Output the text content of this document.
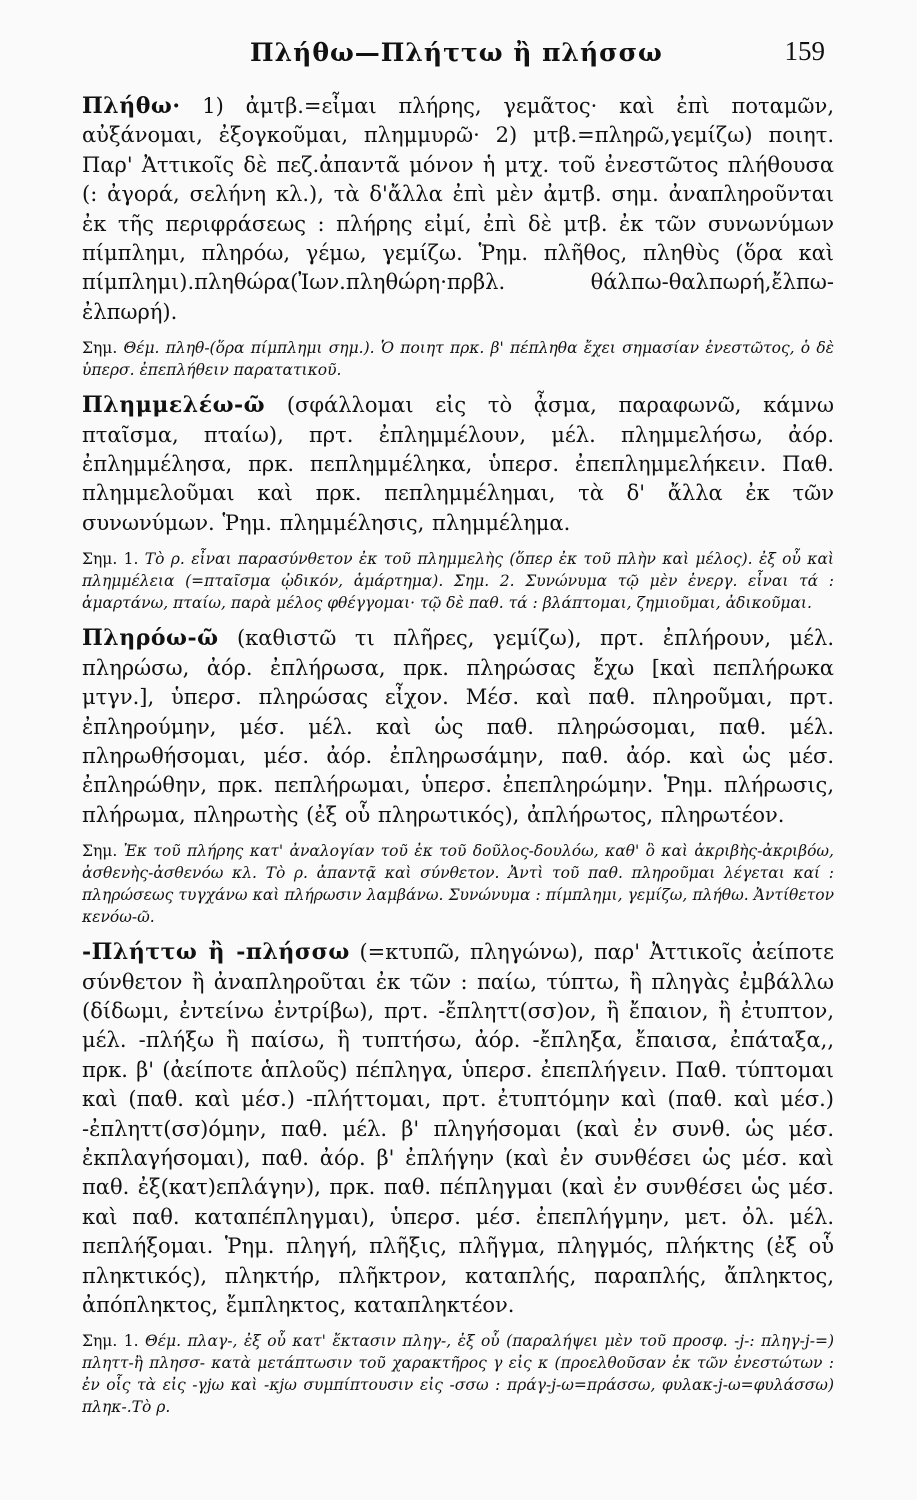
Πλήθω—Πλήττω ἢ πλήσσω	159

Πλήθω· 1) ἀμτβ.=εἶμαι πλήρης, γεμᾶτος· καὶ ἐπὶ ποταμῶν, αὐξάνομαι, ἐξογκοῦμαι, πλημμυρῶ· 2) μτβ.=πληρῶ,γεμίζω) ποιητ. Παρ' Ἀττικοῖς δὲ πεζ.ἀπαντᾶ μόνον ἡ μτχ. τοῦ ἐνεστῶτος πλήθουσα (: ἀγορά, σελήνη κλ.), τὰ δ'ἄλλα ἐπὶ μὲν ἀμτβ. σημ. ἀναπληροῦνται ἐκ τῆς περιφράσεως : πλήρης εἰμί, ἐπὶ δὲ μτβ. ἐκ τῶν συνωνύμων πίμπλημι, πληρόω, γέμω, γεμίζω. Ῥημ. πλῆθος, πληθὺς (ὅρα καὶ πίμπλημι).πληθώρα(Ἰων.πληθώρη·πρβλ. θάλπω-θαλπωρή,ἔλπω-ἐλπωρή).

Σημ. Θέμ. πληθ-(ὅρα πίμπλημι σημ.). Ὁ ποιητ πρκ. β' πέπληθα ἔχει σημασίαν ἐνεστῶτος, ὁ δὲ ὑπερσ. ἐπεπλήθειν παρατατικοῦ.

Πλημμελέω-ῶ (σφάλλομαι εἰς τὸ ᾆσμα, παραφωνῶ, κάμνω πταῖσμα, πταίω), πρτ. ἐπλημμέλουν, μέλ. πλημμελήσω, ἀόρ. ἐπλημμέλησα, πρκ. πεπλημμέληκα, ὑπερσ. ἐπεπλημμελήκειν. Παθ. πλημμελοῦμαι καὶ πρκ. πεπλημμέλημαι, τὰ δ' ἄλλα ἐκ τῶν συνωνύμων. Ῥημ. πλημμέλησις, πλημμέλημα.

Σημ. 1. Τὸ ρ. εἶναι παρασύνθετον ἐκ τοῦ πλημμελὴς (ὅπερ ἐκ τοῦ πλὴν καὶ μέλος). ἐξ οὗ καὶ πλημμέλεια (=πταῖσμα ᾠδικόν, ἁμάρτημα). Σημ. 2. Συνώνυμα τῷ μὲν ἐνεργ. εἶναι τά : ἁμαρτάνω, πταίω, παρὰ μέλος φθέγγομαι· τῷ δὲ παθ. τά : βλάπτομαι, ζημιοῦμαι, ἀδικοῦμαι.

Πληρόω-ῶ (καθιστῶ τι πλῆρες, γεμίζω), πρτ. ἐπλήρουν, μέλ. πληρώσω, ἀόρ. ἐπλήρωσα, πρκ. πληρώσας ἔχω [καὶ πεπλήρωκα μτγν.], ὑπερσ. πληρώσας εἶχον. Μέσ. καὶ παθ. πληροῦμαι, πρτ. ἐπληρούμην, μέσ. μέλ. καὶ ὡς παθ. πληρώσομαι, παθ. μέλ. πληρωθήσομαι, μέσ. ἀόρ. ἐπληρωσάμην, παθ. ἀόρ. καὶ ὡς μέσ. ἐπληρώθην, πρκ. πεπλήρωμαι, ὑπερσ. ἐπεπληρώμην. Ῥημ. πλήρωσις, πλήρωμα, πληρωτὴς (ἐξ οὗ πληρωτικός), ἀπλήρωτος, πληρωτέον.

Σημ. Ἐκ τοῦ πλήρης κατ' ἀναλογίαν τοῦ ἐκ τοῦ δοῦλος-δουλόω, καθ' ὃ καὶ ἀκριβὴς-ἀκριβόω, ἀσθενὴς-ἀσθενόω κλ. Τὸ ρ. ἀπαντᾷ καὶ σύνθετον. Ἀντὶ τοῦ παθ. πληροῦμαι λέγεται καί : πληρώσεως τυγχάνω καὶ πλήρωσιν λαμβάνω. Συνώνυμα : πίμπλημι, γεμίζω, πλήθω. Ἀντίθετον κενόω-ῶ.

-Πλήττω ἢ -πλήσσω (=κτυπῶ, πληγώνω), παρ' Ἀττικοῖς ἀείποτε σύνθετον ἢ ἀναπληροῦται ἐκ τῶν : παίω, τύπτω, ἢ πληγὰς ἐμβάλλω (δίδωμι, ἐντείνω ἐντρίβω), πρτ. -ἔπληττ(σσ)ον, ἢ ἔπαιον, ἢ ἐτυπτον, μέλ. -πλήξω ἢ παίσω, ἢ τυπτήσω, ἀόρ. -ἔπληξα, ἔπαισα, ἐπάταξα,, πρκ. β' (ἀείποτε ἁπλοῦς) πέπληγα, ὑπερσ. ἐπεπλήγειν. Παθ. τύπτομαι καὶ (παθ. καὶ μέσ.) -πλήττομαι, πρτ. ἐτυπτόμην καὶ (παθ. καὶ μέσ.) -ἐπληττ(σσ)όμην, παθ. μέλ. β' πληγήσομαι (καὶ ἐν συνθ. ὡς μέσ. ἐκπλαγήσομαι), παθ. ἀόρ. β' ἐπλήγην (καὶ ἐν συνθέσει ὡς μέσ. καὶ παθ. ἐξ(κατ)επλάγην), πρκ. παθ. πέπληγμαι (καὶ ἐν συνθέσει ὡς μέσ. καὶ παθ. καταπέπληγμαι), ὑπερσ. μέσ. ἐπεπλήγμην, μετ. ὀλ. μέλ. πεπλήξομαι. Ῥημ. πληγή, πλῆξις, πλῆγμα, πληγμός, πλήκτης (ἐξ οὗ πληκτικός), πληκτήρ, πλῆκτρον, καταπλής, παραπλής, ἄπληκτος, ἀπόπληκτος, ἔμπληκτος, καταπληκτέον.

Σημ. 1. Θέμ. πλαγ-, ἐξ οὗ κατ' ἔκτασιν πληγ-, ἐξ οὗ (παραλήψει μὲν τοῦ προσφ. -j-: πληγ-j-=) πληττ-ἢ πλησσ- κατὰ μετάπτωσιν τοῦ χαρακτῆρος γ εἰς κ (προελθοῦσαν ἐκ τῶν ἐνεστώτων : ἐν οἷς τὰ εἰς -γjω καὶ -κjω συμπίπτουσιν εἰς -σσω : πράγ-j-ω=πράσσω, φυλακ-j-ω=φυλάσσω) πληκ-.Τὸ ρ.
